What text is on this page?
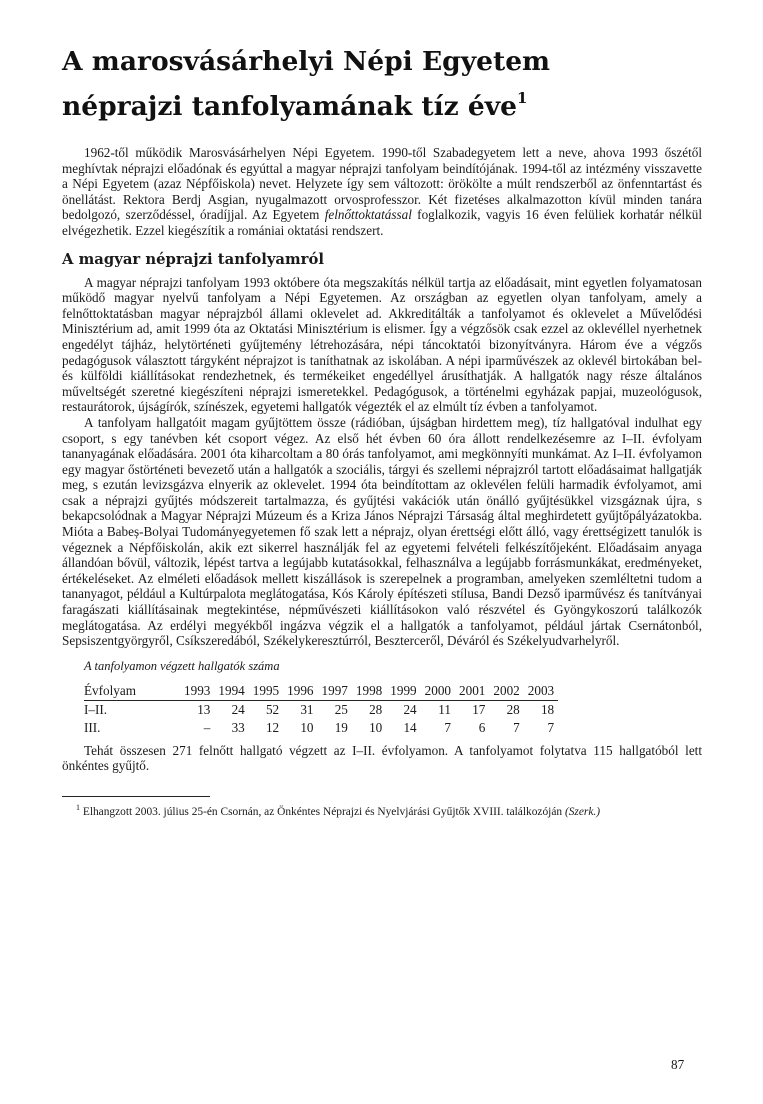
A marosvásárhelyi Népi Egyetem
néprajzi tanfolyamának tíz éve$^1$

1962-től működik Marosvásárhelyen Népi Egyetem. 1990-től Szabadegyetem lett a neve, ahova 1993 őszétől meghívtak néprajzi előadónak és egyúttal a magyar néprajzi tanfolyam beindítójának. 1994-től az intézmény visszavette a Népi Egyetem (azaz Népfőiskola) nevet. Helyzete így sem változott: örökölte a múlt rendszerből az önfenntartást és önellátást. Rektora Berdj Asgian, nyugalmazott orvosprofesszor. Két fizetéses alkalmazotton kívül minden tanára bedolgozó, szerződéssel, óradíjjal. Az Egyetem felnőttoktatással foglalkozik, vagyis 16 éven felüliek korhatár nélkül elvégezhetik. Ezzel kiegészítik a romániai oktatási rendszert.

A magyar néprajzi tanfolyamról

A magyar néprajzi tanfolyam 1993 októbere óta megszakítás nélkül tartja az előadásait, mint egyetlen folyamatosan működő magyar nyelvű tanfolyam a Népi Egyetemen. Az országban az egyetlen olyan tanfolyam, amely a felnőttoktatásban magyar néprajzból állami oklevelet ad. Akkreditálták a tanfolyamot és oklevelet a Művelődési Minisztérium ad, amit 1999 óta az Oktatási Minisztérium is elismer. Így a végzősök csak ezzel az oklevéllel nyerhetnek engedélyt tájház, helytörténeti gyűjtemény létrehozására, népi táncoktatói bizonyítványra. Három éve a végzős pedagógusok választott tárgyként néprajzot is taníthatnak az iskolában. A népi iparművészek az oklevél birtokában bel- és külföldi kiállításokat rendezhetnek, és termékeiket engedéllyel árusíthatják. A hallgatók nagy része általános műveltségét szeretné kiegészíteni néprajzi ismeretekkel. Pedagógusok, a történelmi egyházak papjai, muzeológusok, restaurátorok, újságírók, színészek, egyetemi hallgatók végezték el az elmúlt tíz évben a tanfolyamot.

A tanfolyam hallgatóit magam gyűjtöttem össze (rádióban, újságban hirdettem meg), tíz hallgatóval indulhat egy csoport, s egy tanévben két csoport végez. Az első hét évben 60 óra állott rendelkezésemre az I–II. évfolyam tananyagának előadására. 2001 óta kiharcoltam a 80 órás tanfolyamot, ami megkönnyíti munkámat. Az I–II. évfolyamon egy magyar őstörténeti bevezető után a hallgatók a szociális, tárgyi és szellemi néprajzról tartott előadásaimat hallgatják meg, s ezután levizsgázva elnyerik az oklevelet. 1994 óta beindítottam az oklevélen felüli harmadik évfolyamot, ami csak a néprajzi gyűjtés módszereit tartalmazza, és gyűjtési vakációk után önálló gyűjtésükkel vizsgáznak újra, s bekapcsolódnak a Magyar Néprajzi Múzeum és a Kriza János Néprajzi Társaság által meghirdetett gyűjtőpályázatokba. Mióta a Babeș-Bolyai Tudományegyetemen fő szak lett a néprajz, olyan érettségi előtt álló, vagy érettségizett tanulók is végeznek a Népfőiskolán, akik ezt sikerrel használják fel az egyetemi felvételi felkészítőjeként. Előadásaim anyaga állandóan bővül, változik, lépést tartva a legújabb kutatásokkal, felhasználva a legújabb forrásmunkákat, eredményeket, értékeléseket. Az elméleti előadások mellett kiszállások is szerepelnek a programban, amelyeken szemléltetni tudom a tananyagot, például a Kultúrpalota meglátogatása, Kós Károly építészeti stílusa, Bandi Dezső iparművész és tanítványai faragászati kiállításainak megtekintése, népművészeti kiállításokon való részvétel és Gyöngykoszorú találkozók meglátogatása. Az erdélyi megyékből ingázva végzik el a hallgatók a tanfolyamot, például jártak Csernátonból, Sepsiszentgyörgyről, Csíkszeredából, Székelykeresztúrról, Beszterceről, Déváról és Székelyudvarhelyről.

A tanfolyamon végzett hallgatók száma
Évfolyam	1993	1994	1995	1996	1997	1998	1999	2000	2001	2002	2003
I–II.	13	24	52	31	25	28	24	11	17	28	18
III.	–	33	12	10	19	10	14	7	6	7	7

Tehát összesen 271 felnőtt hallgató végzett az I–II. évfolyamon. A tanfolyamot folytatva 115 hallgatóból lett önkéntes gyűjtő.

$^1$ Elhangzott 2003. július 25-én Csornán, az Önkéntes Néprajzi és Nyelvjárási Gyűjtők XVIII. találkozóján (Szerk.)

87
